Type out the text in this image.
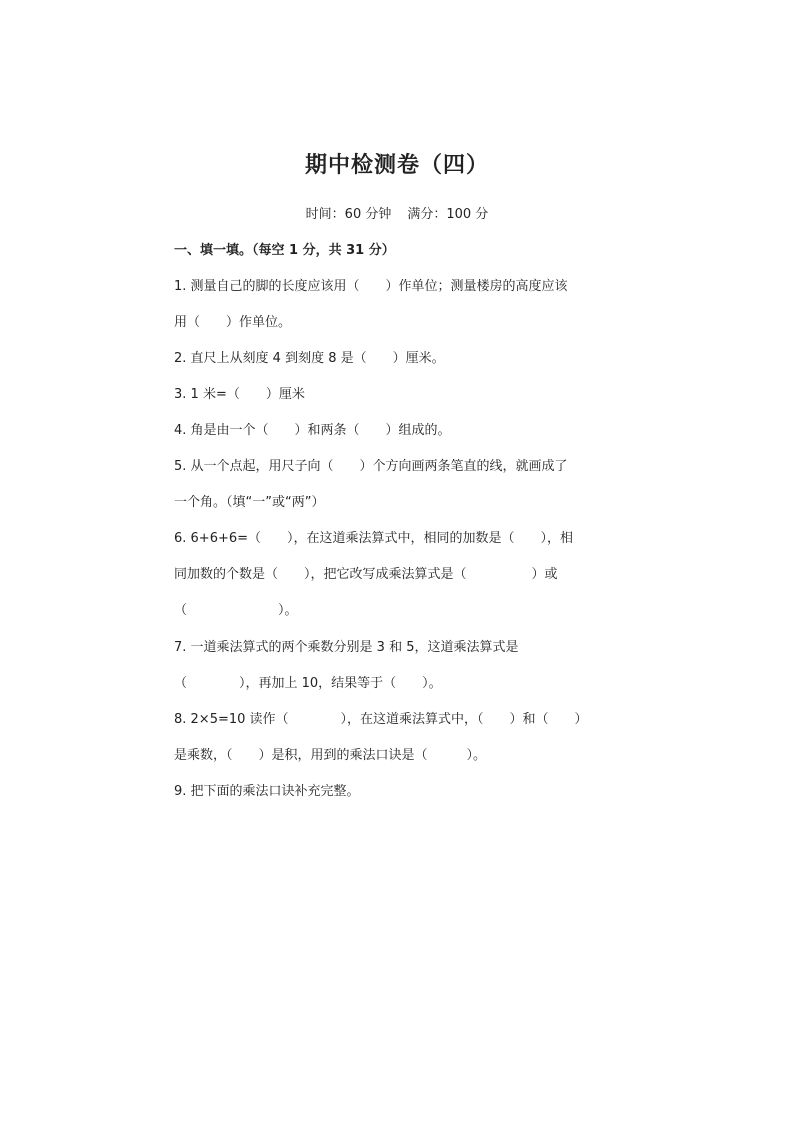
期中检测卷（四）
时间：60 分钟 满分：100 分
一、填一填。（每空 1 分，共 31 分）
1. 测量自己的脚的长度应该用（　　）作单位；测量楼房的高度应该
用（　　）作单位。
2. 直尺上从刻度 4 到刻度 8 是（　　）厘米。
3. 1 米=（　　）厘米
4. 角是由一个（　　）和两条（　　）组成的。
5. 从一个点起，用尺子向（　　）个方向画两条笔直的线，就画成了
一个角。（填“一”或“两”）
6. 6+6+6=（　　），在这道乘法算式中，相同的加数是（　　），相
同加数的个数是（　　），把它改写成乘法算式是（　　　　　）或
（　　　　　　　）。
7. 一道乘法算式的两个乘数分别是 3 和 5，这道乘法算式是
（　　　　），再加上 10，结果等于（　　）。
8. 2×5=10 读作（　　　　），在这道乘法算式中，（　　）和（　　）
是乘数，（　　）是积，用到的乘法口诀是（　　　）。
9. 把下面的乘法口诀补充完整。
